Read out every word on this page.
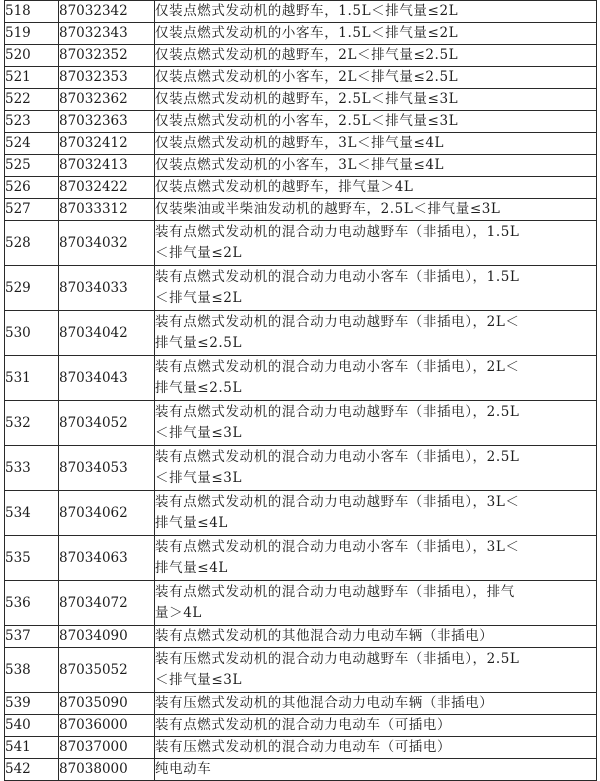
518	87032342	仅装点燃式发动机的越野车，1.5L＜排气量≤2L

519	87032343	仅装点燃式发动机的小客车，1.5L＜排气量≤2L

520	87032352	仅装点燃式发动机的越野车，2L＜排气量≤2.5L

521	87032353	仅装点燃式发动机的小客车，2L＜排气量≤2.5L

522	87032362	仅装点燃式发动机的越野车，2.5L＜排气量≤3L

523	87032363	仅装点燃式发动机的小客车，2.5L＜排气量≤3L

524	87032412	仅装点燃式发动机的越野车，3L＜排气量≤4L

525	87032413	仅装点燃式发动机的小客车，3L＜排气量≤4L

526	87032422	仅装点燃式发动机的越野车，排气量＞4L

527	87033312	仅装柴油或半柴油发动机的越野车，2.5L＜排气量≤3L

528	87034032	装有点燃式发动机的混合动力电动越野车（非插电），1.5L
＜排气量≤2L

529	87034033	装有点燃式发动机的混合动力电动小客车（非插电），1.5L
＜排气量≤2L

530	87034042	装有点燃式发动机的混合动力电动越野车（非插电），2L＜
排气量≤2.5L

531	87034043	装有点燃式发动机的混合动力电动小客车（非插电），2L＜
排气量≤2.5L

532	87034052	装有点燃式发动机的混合动力电动越野车（非插电），2.5L
＜排气量≤3L

533	87034053	装有点燃式发动机的混合动力电动小客车（非插电），2.5L
＜排气量≤3L

534	87034062	装有点燃式发动机的混合动力电动越野车（非插电），3L＜
排气量≤4L

535	87034063	装有点燃式发动机的混合动力电动小客车（非插电），3L＜
排气量≤4L

536	87034072	装有点燃式发动机的混合动力电动越野车（非插电），排气
量＞4L

537	87034090	装有点燃式发动机的其他混合动力电动车辆（非插电）

538	87035052	装有压燃式发动机的混合动力电动越野车（非插电），2.5L
＜排气量≤3L

539	87035090	装有压燃式发动机的其他混合动力电动车辆（非插电）

540	87036000	装有点燃式发动机的混合动力电动车（可插电）

541	87037000	装有压燃式发动机的混合动力电动车（可插电）

542	87038000	纯电动车
